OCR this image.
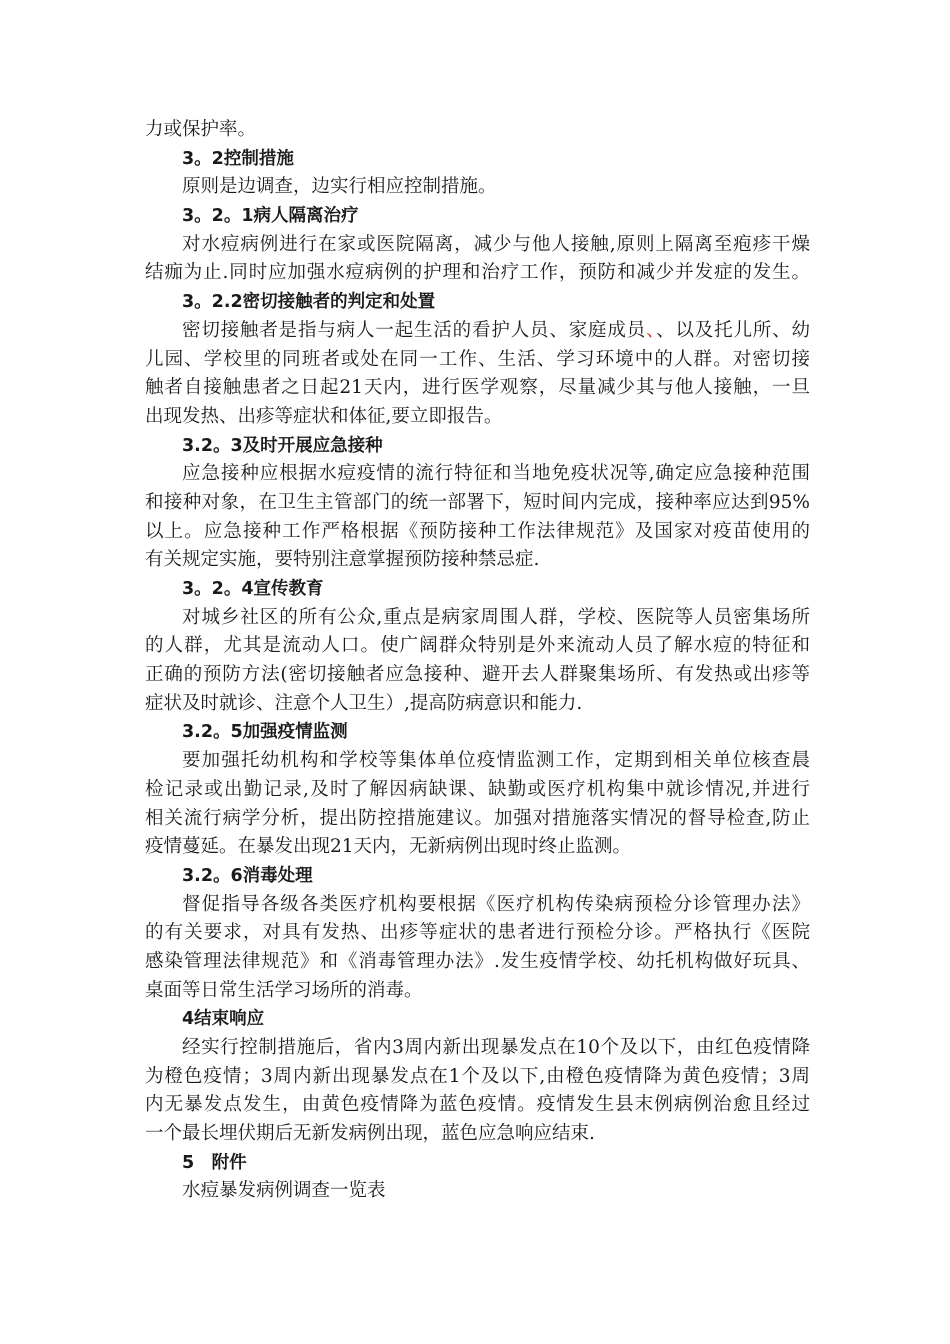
力或保护率。
3。2控制措施
原则是边调查，边实行相应控制措施。
3。2。1病人隔离治疗
对水痘病例进行在家或医院隔离，减少与他人接触,原则上隔离至疱疹干燥
结痂为止.同时应加强水痘病例的护理和治疗工作，预防和减少并发症的发生。
3。2.2密切接触者的判定和处置
密切接触者是指与病人一起生活的看护人员、家庭成员、、以及托儿所、幼
儿园、学校里的同班者或处在同一工作、生活、学习环境中的人群。对密切接
触者自接触患者之日起21天内，进行医学观察，尽量减少其与他人接触，一旦
出现发热、出疹等症状和体征,要立即报告。
3.2。3及时开展应急接种
应急接种应根据水痘疫情的流行特征和当地免疫状况等,确定应急接种范围
和接种对象，在卫生主管部门的统一部署下，短时间内完成，接种率应达到95%
以上。应急接种工作严格根据《预防接种工作法律规范》及国家对疫苗使用的
有关规定实施，要特别注意掌握预防接种禁忌症.
3。2。4宣传教育
对城乡社区的所有公众,重点是病家周围人群，学校、医院等人员密集场所
的人群，尤其是流动人口。使广阔群众特别是外来流动人员了解水痘的特征和
正确的预防方法(密切接触者应急接种、避开去人群聚集场所、有发热或出疹等
症状及时就诊、注意个人卫生）,提高防病意识和能力.
3.2。5加强疫情监测
要加强托幼机构和学校等集体单位疫情监测工作，定期到相关单位核查晨
检记录或出勤记录,及时了解因病缺课、缺勤或医疗机构集中就诊情况,并进行
相关流行病学分析，提出防控措施建议。加强对措施落实情况的督导检查,防止
疫情蔓延。在暴发出现21天内，无新病例出现时终止监测。
3.2。6消毒处理
督促指导各级各类医疗机构要根据《医疗机构传染病预检分诊管理办法》
的有关要求，对具有发热、出疹等症状的患者进行预检分诊。严格执行《医院
感染管理法律规范》和《消毒管理办法》.发生疫情学校、幼托机构做好玩具、
桌面等日常生活学习场所的消毒。
4结束响应
经实行控制措施后，省内3周内新出现暴发点在10个及以下，由红色疫情降
为橙色疫情；3周内新出现暴发点在1个及以下,由橙色疫情降为黄色疫情；3周
内无暴发点发生，由黄色疫情降为蓝色疫情。疫情发生县末例病例治愈且经过
一个最长埋伏期后无新发病例出现，蓝色应急响应结束.
5　附件
水痘暴发病例调查一览表
